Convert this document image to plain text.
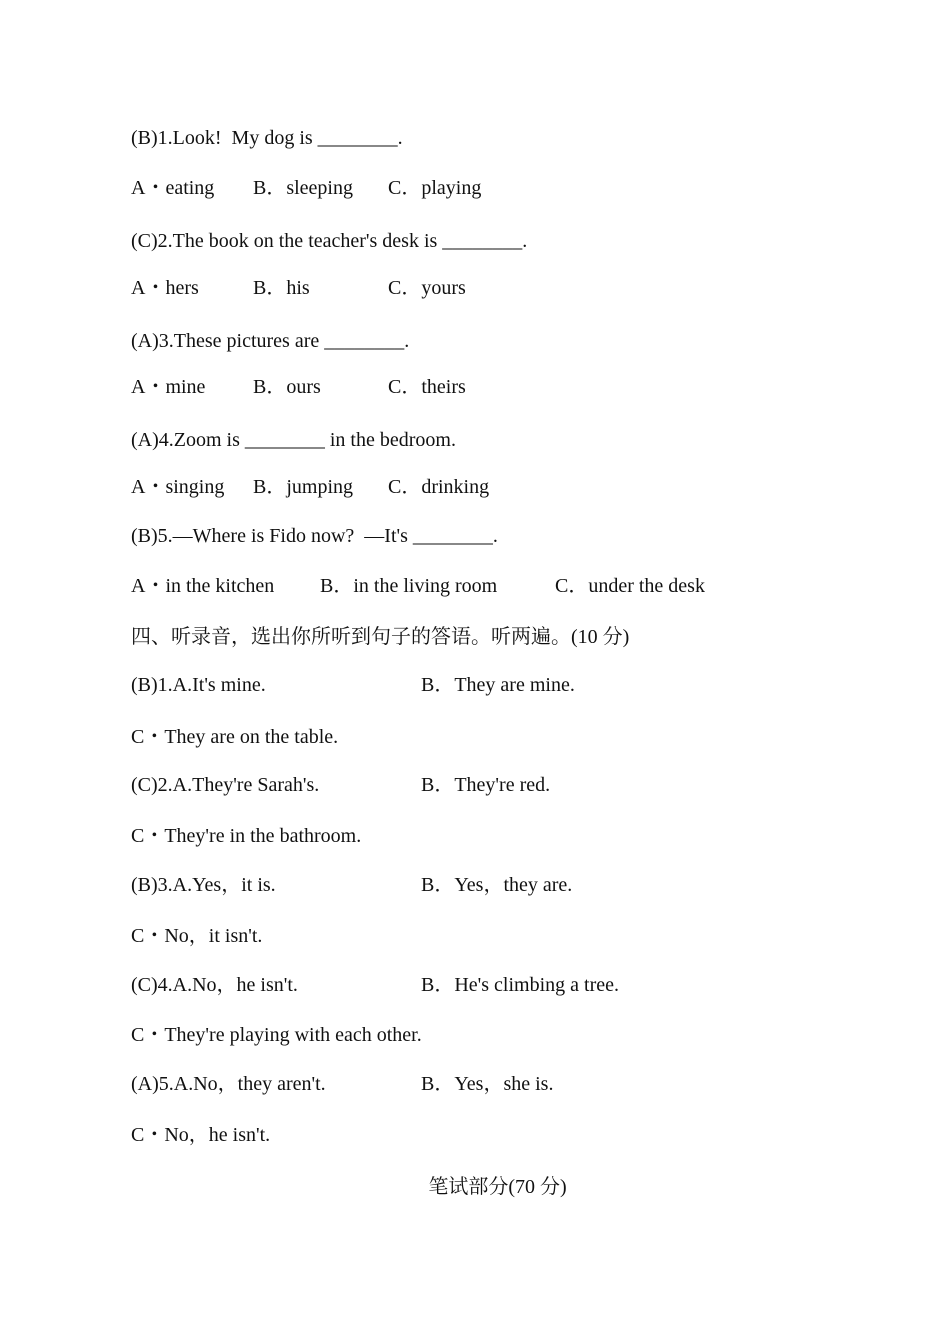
(B)1.Look!  My dog is ________.
A・eating B．sleeping C．playing
(C)2.The book on the teacher's desk is ________.
A・hers	B．his	C．yours
(A)3.These pictures are ________.
A・mine B．ours	C．theirs
(A)4.Zoom is ________ in the bedroom.
A・singing B．jumping C．drinking
(B)5.—Where is Fido now?  —It's ________.
A・in the kitchen B．in the living room	C．under the desk
四、听录音，选出你所听到句子的答语。听两遍。(10 分)
(B)1.A.It's mine.	B．They are mine.
C・They are on the table.
(C)2.A.They're Sarah's.	B．They're red.
C・They're in the bathroom.
(B)3.A.Yes，it is.	B．Yes，they are.
C・No，it isn't.
(C)4.A.No，he isn't.	B．He's climbing a tree.
C・They're playing with each other.
(A)5.A.No，they aren't.	B．Yes，she is.
C・No，he isn't.
笔试部分(70 分)
